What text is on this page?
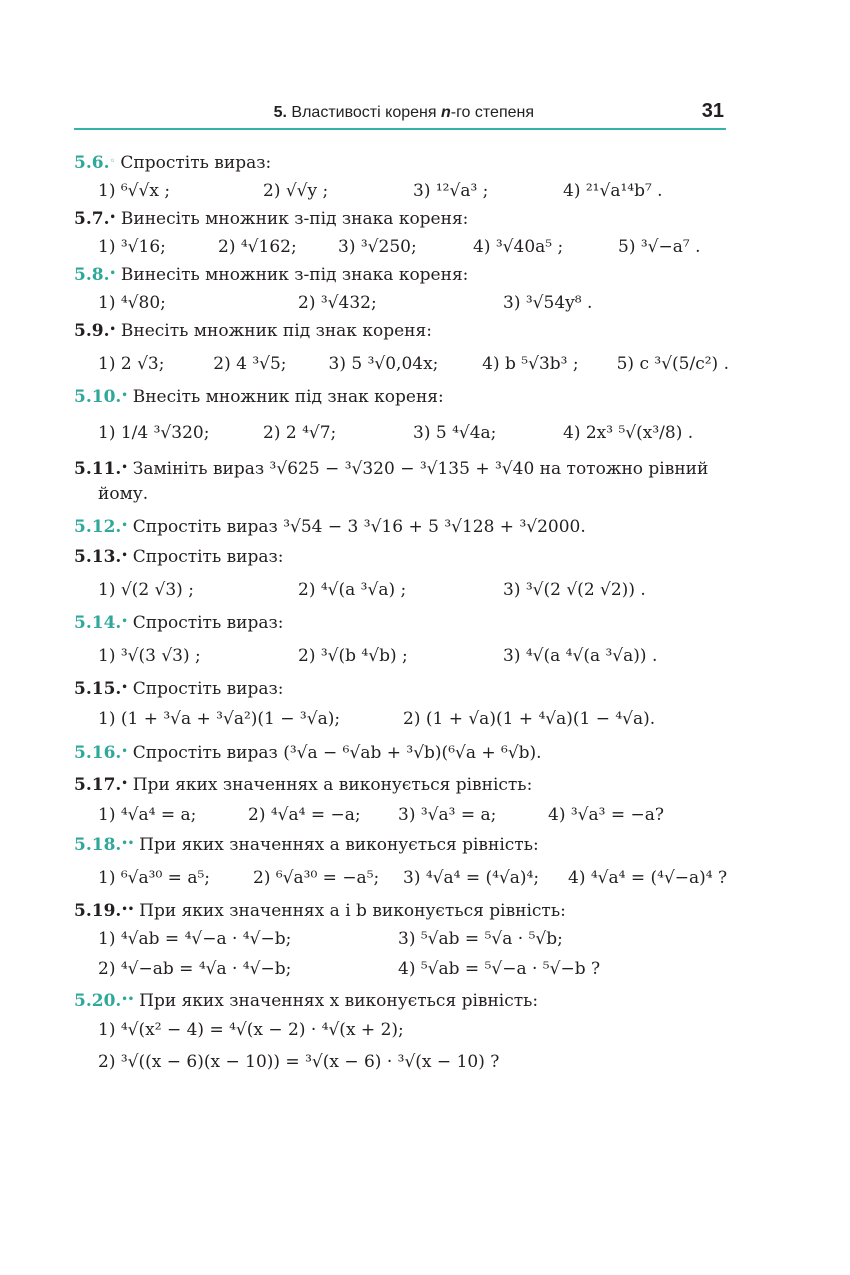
5. Властивості кореня n-го степеня	31
5.6.◦ Спростіть вираз:
1) ⁶√√x ;	2) √√y ;	3) ¹²√a³ ;	4) ²¹√a¹⁴b⁷ .
5.7.• Винесіть множник з-під знака кореня:
1) ³√16;	2) ⁴√162;	3) ³√250;	4) ³√40a⁵ ;	5) ³√−a⁷ .
5.8.• Винесіть множник з-під знака кореня:
1) ⁴√80;	2) ³√432;	3) ³√54y⁸ .
5.9.• Внесіть множник під знак кореня:
1) 2 √3;	2) 4 ³√5;	3) 5 ³√0,04x;	4) b ⁵√3b³ ;	5) c ³√(5/c²) .
5.10.• Внесіть множник під знак кореня:
1) 1/4 ³√320;	2) 2 ⁴√7;	3) 5 ⁴√4a;	4) 2x³ ⁵√(x³/8) .
5.11.• Замініть вираз ³√625 − ³√320 − ³√135 + ³√40 на тотожно рівний
йому.
5.12.• Спростіть вираз ³√54 − 3 ³√16 + 5 ³√128 + ³√2000.
5.13.• Спростіть вираз:
1) √(2 √3) ;	2) ⁴√(a ³√a) ;	3) ³√(2 √(2 √2)) .
5.14.• Спростіть вираз:
1) ³√(3 √3) ;	2) ³√(b ⁴√b) ;	3) ⁴√(a ⁴√(a ³√a)) .
5.15.• Спростіть вираз:
1) (1 + ³√a + ³√a²)(1 − ³√a);	2) (1 + √a)(1 + ⁴√a)(1 − ⁴√a).
5.16.• Спростіть вираз (³√a − ⁶√ab + ³√b)(⁶√a + ⁶√b).
5.17.• При яких значеннях a виконується рівність:
1) ⁴√a⁴ = a;	2) ⁴√a⁴ = −a;	3) ³√a³ = a;	4) ³√a³ = −a?
5.18.•• При яких значеннях a виконується рівність:
1) ⁶√a³⁰ = a⁵;	2) ⁶√a³⁰ = −a⁵;	3) ⁴√a⁴ = (⁴√a)⁴;	4) ⁴√a⁴ = (⁴√−a)⁴ ?
5.19.•• При яких значеннях a і b виконується рівність:
1) ⁴√ab = ⁴√−a · ⁴√−b;	3) ⁵√ab = ⁵√a · ⁵√b;
2) ⁴√−ab = ⁴√a · ⁴√−b;	4) ⁵√ab = ⁵√−a · ⁵√−b ?
5.20.•• При яких значеннях x виконується рівність:
1) ⁴√(x² − 4) = ⁴√(x − 2) · ⁴√(x + 2);
2) ³√((x − 6)(x − 10)) = ³√(x − 6) · ³√(x − 10) ?
